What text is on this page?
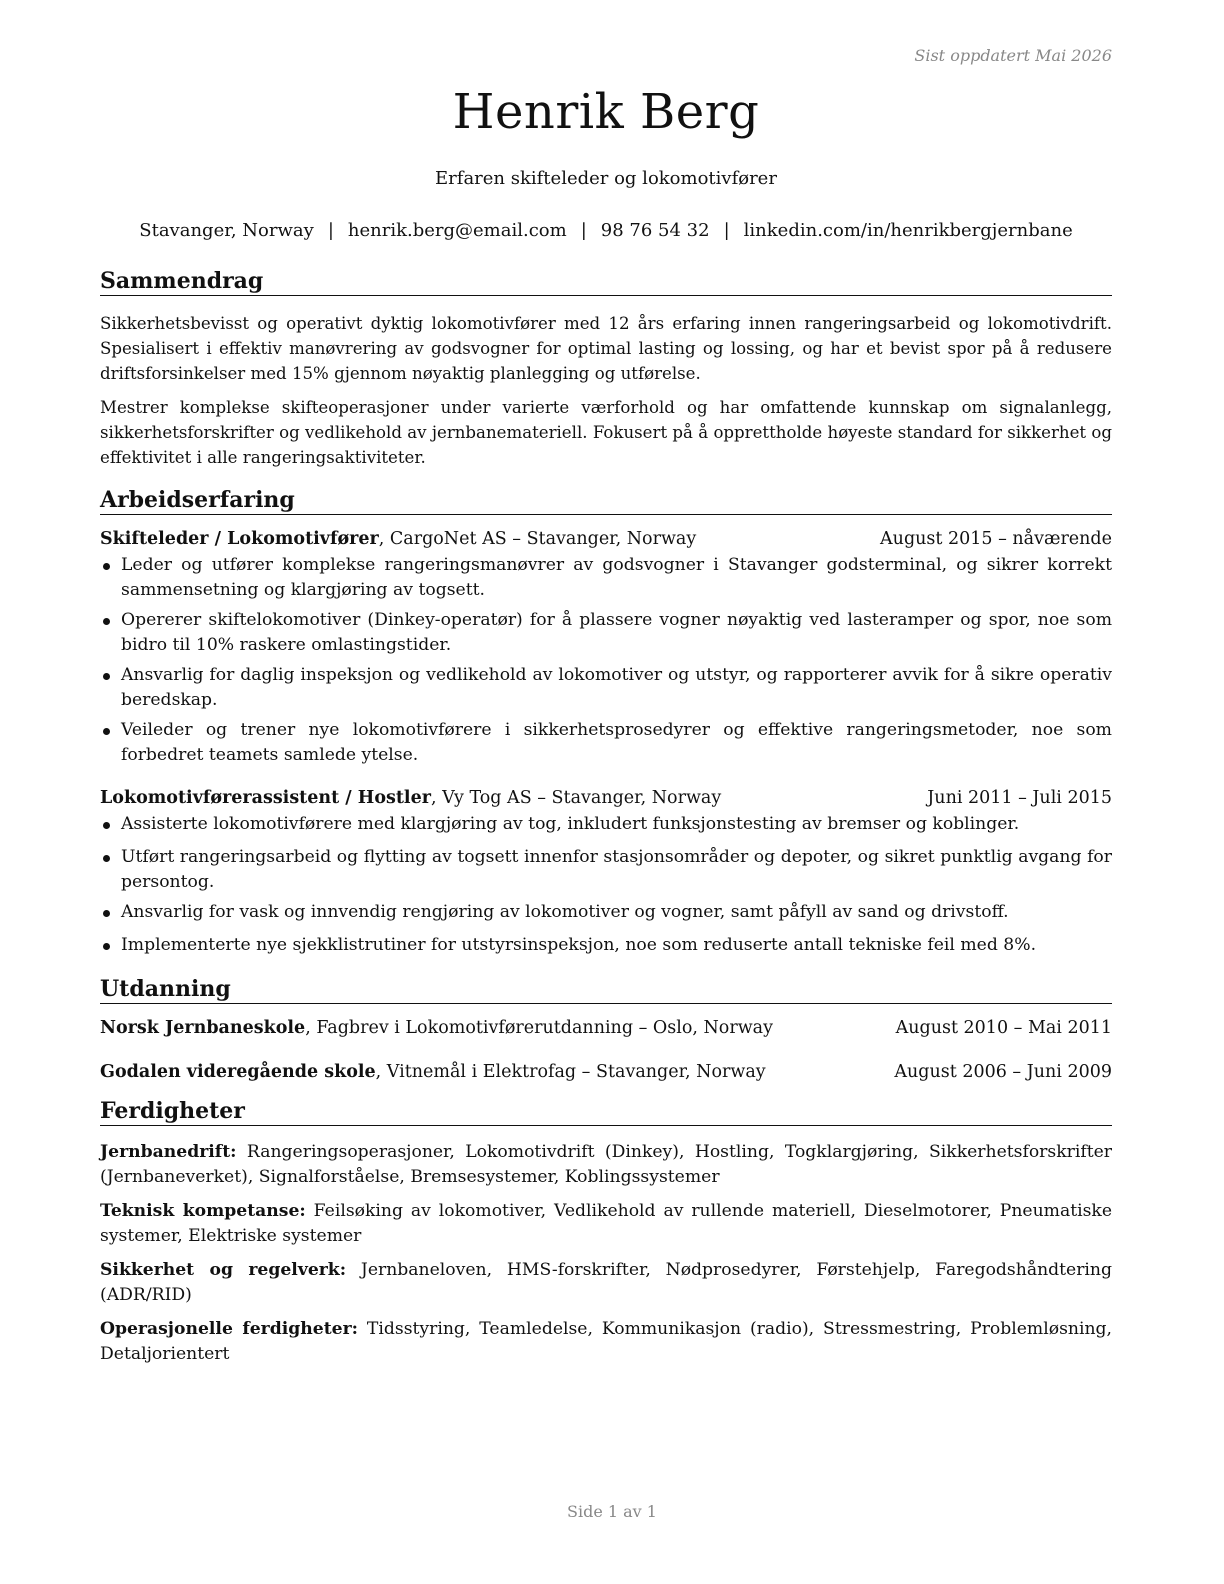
Sist oppdatert Mai 2026
Henrik Berg
Erfaren skifteleder og lokomotivfører
Stavanger, Norway | henrik.berg@email.com | 98 76 54 32 | linkedin.com/in/henrikbergjernbane
Sammendrag

Sikkerhetsbevisst og operativt dyktig lokomotivfører med 12 års erfaring innen rangeringsarbeid og lokomotivdrift. Spesialisert i effektiv manøvrering av godsvogner for optimal lasting og lossing, og har et bevist spor på å redusere driftsforsinkelser med 15% gjennom nøyaktig planlegging og utførelse.

Mestrer komplekse skifteoperasjoner under varierte værforhold og har omfattende kunnskap om signalanlegg, sikkerhetsforskrifter og vedlikehold av jernbanemateriell. Fokusert på å opprettholde høyeste standard for sikkerhet og effektivitet i alle rangeringsaktiviteter.

Arbeidserfaring
Skifteleder / Lokomotivfører, CargoNet AS – Stavanger, Norway	August 2015 – nåværende
Leder og utfører komplekse rangeringsmanøvrer av godsvogner i Stavanger godsterminal, og sikrer korrekt sammensetning og klargjøring av togsett.
Opererer skiftelokomotiver (Dinkey-operatør) for å plassere vogner nøyaktig ved lasteramper og spor, noe som bidro til 10% raskere omlastingstider.
Ansvarlig for daglig inspeksjon og vedlikehold av lokomotiver og utstyr, og rapporterer avvik for å sikre operativ beredskap.
Veileder og trener nye lokomotivførere i sikkerhetsprosedyrer og effektive rangeringsmetoder, noe som forbedret teamets samlede ytelse.
Lokomotivførerassistent / Hostler, Vy Tog AS – Stavanger, Norway	Juni 2011 – Juli 2015
Assisterte lokomotivførere med klargjøring av tog, inkludert funksjonstesting av bremser og koblinger.
Utført rangeringsarbeid og flytting av togsett innenfor stasjonsområder og depoter, og sikret punktlig avgang for persontog.
Ansvarlig for vask og innvendig rengjøring av lokomotiver og vogner, samt påfyll av sand og drivstoff.
Implementerte nye sjekklistrutiner for utstyrsinspeksjon, noe som reduserte antall tekniske feil med 8%.
Utdanning
Norsk Jernbaneskole, Fagbrev i Lokomotivførerutdanning – Oslo, Norway	August 2010 – Mai 2011
Godalen videregående skole, Vitnemål i Elektrofag – Stavanger, Norway	August 2006 – Juni 2009
Ferdigheter

Jernbanedrift: Rangeringsoperasjoner, Lokomotivdrift (Dinkey), Hostling, Togklargjøring, Sikkerhetsforskrifter (Jernbaneverket), Signalforståelse, Bremsesystemer, Koblingssystemer

Teknisk kompetanse: Feilsøking av lokomotiver, Vedlikehold av rullende materiell, Dieselmotorer, Pneumatiske systemer, Elektriske systemer

Sikkerhet og regelverk: Jernbaneloven, HMS-forskrifter, Nødprosedyrer, Førstehjelp, Faregodshåndtering (ADR/RID)

Operasjonelle ferdigheter: Tidsstyring, Teamledelse, Kommunikasjon (radio), Stressmestring, Problemløsning, Detaljorientert

Side 1 av 1
